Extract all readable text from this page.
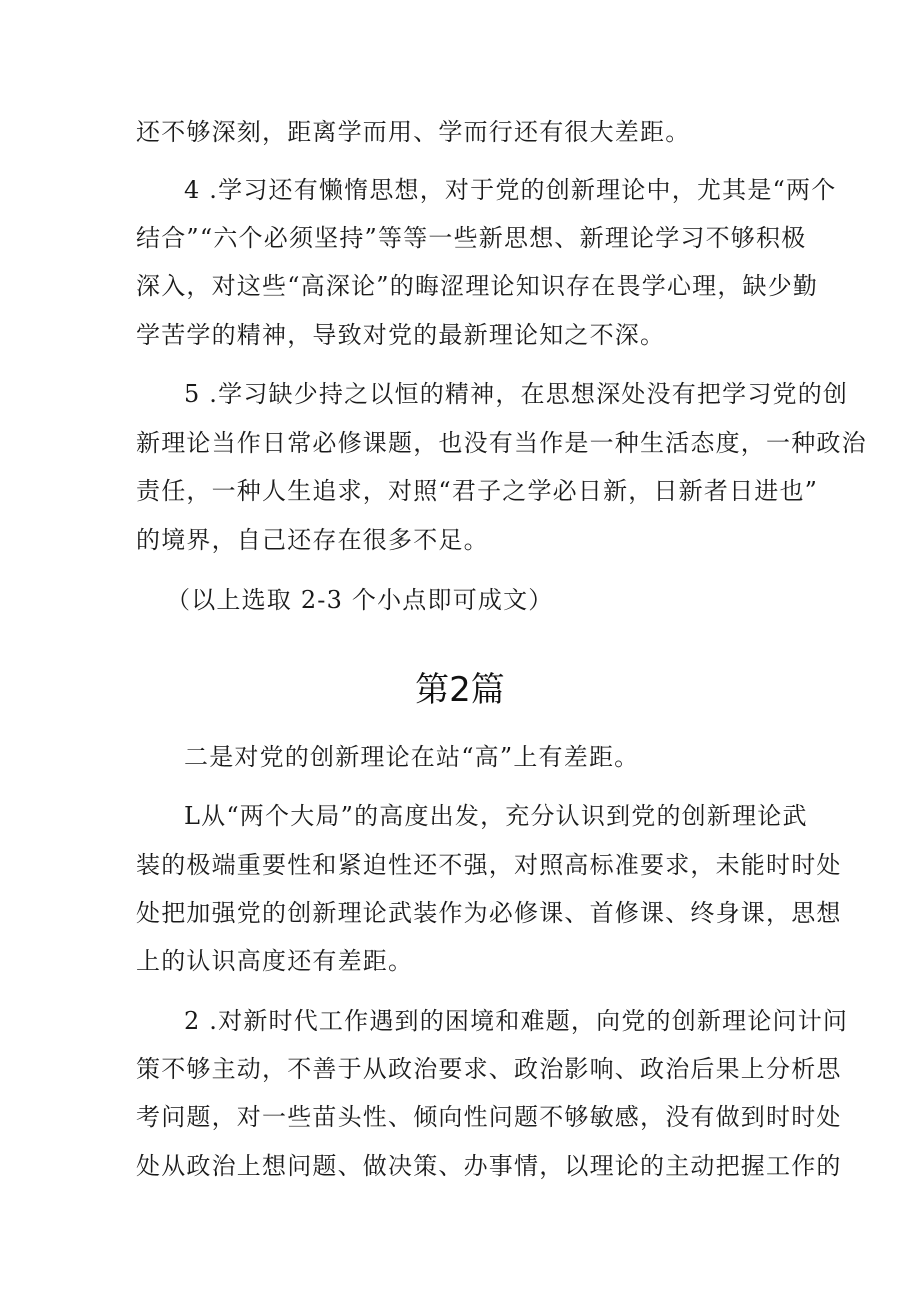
还不够深刻，距离学而用、学而行还有很大差距。
4 .学习还有懒惰思想，对于党的创新理论中，尤其是“两个
结合”“六个必须坚持”等等一些新思想、新理论学习不够积极
深入，对这些“高深论”的晦涩理论知识存在畏学心理，缺少勤
学苦学的精神，导致对党的最新理论知之不深。
5 .学习缺少持之以恒的精神，在思想深处没有把学习党的创
新理论当作日常必修课题，也没有当作是一种生活态度，一种政治
责任，一种人生追求，对照“君子之学必日新，日新者日进也”
的境界，自己还存在很多不足。
（以上选取 2-3 个小点即可成文）
第2篇
二是对党的创新理论在站“高”上有差距。
L从“两个大局”的高度出发，充分认识到党的创新理论武
装的极端重要性和紧迫性还不强，对照高标准要求，未能时时处
处把加强党的创新理论武装作为必修课、首修课、终身课，思想
上的认识高度还有差距。
2 .对新时代工作遇到的困境和难题，向党的创新理论问计问
策不够主动，不善于从政治要求、政治影响、政治后果上分析思
考问题，对一些苗头性、倾向性问题不够敏感，没有做到时时处
处从政治上想问题、做决策、办事情，以理论的主动把握工作的
